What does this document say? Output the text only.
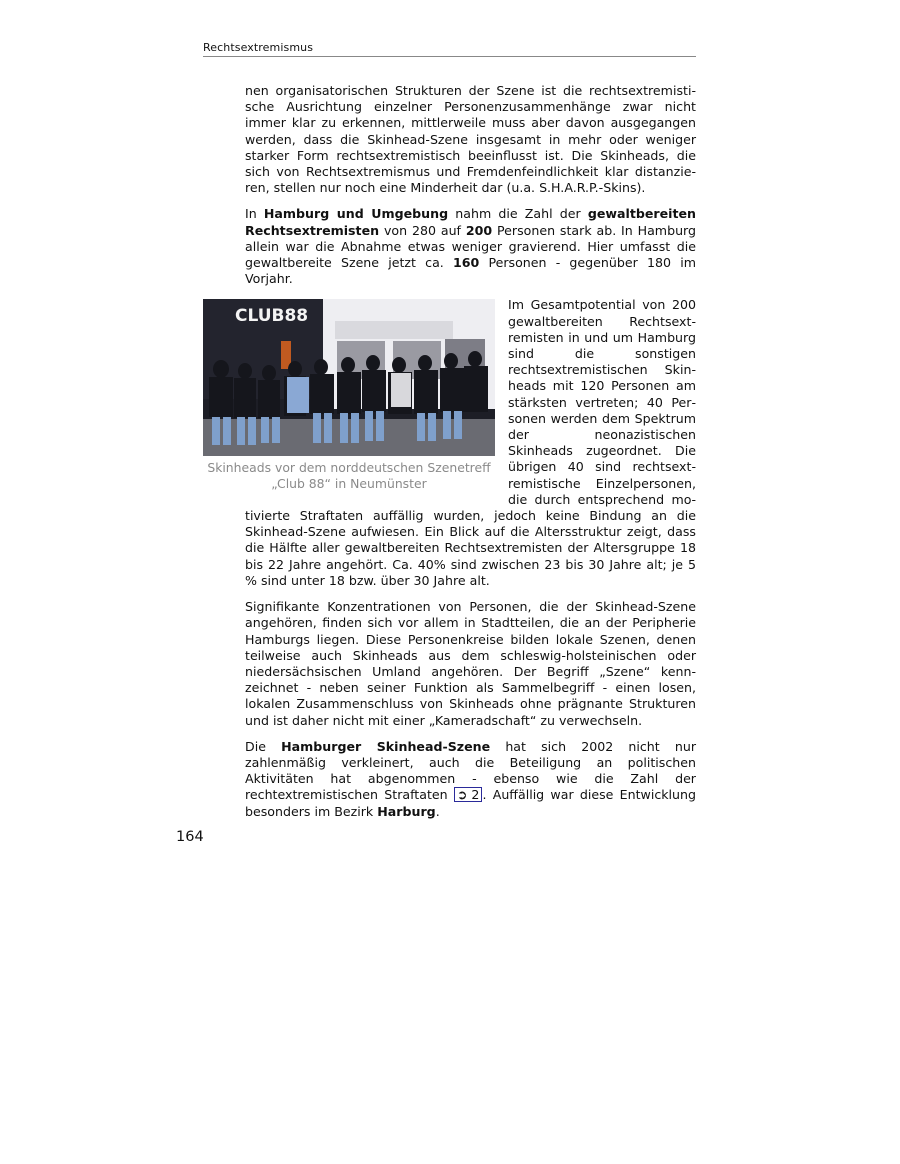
Rechtsextremismus

nen organisatorischen Strukturen der Szene ist die rechtsextremistische Ausrichtung einzelner Personenzusammenhänge zwar nicht immer klar zu erkennen, mittlerweile muss aber davon ausgegangen werden, dass die Skinhead-Szene insgesamt in mehr oder weniger starker Form rechtsextremistisch beeinflusst ist. Die Skinheads, die sich von Rechtsextremismus und Fremdenfeindlichkeit klar distanzieren, stellen nur noch eine Minderheit dar (u.a. S.H.A.R.P.-Skins).

In Hamburg und Umgebung nahm die Zahl der gewaltbereiten Rechtsextremisten von 280 auf 200 Personen stark ab. In Hamburg allein war die Abnahme etwas weniger gravierend. Hier umfasst die gewaltbereite Szene jetzt ca. 160 Personen - gegenüber 180 im Vorjahr.

CLUB88
Skinheads vor dem norddeutschen Szenetreff „Club 88“ in Neumünster

Im Gesamtpotential von 200 gewaltbereiten Rechtsextremisten in und um Hamburg sind die sonstigen rechtsextremistischen Skinheads mit 120 Personen am stärksten vertreten; 40 Personen werden dem Spektrum der neonazistischen Skinheads zugeordnet. Die übrigen 40 sind rechtsextremistische Einzelpersonen, die durch entsprechend motivierte Straftaten auffällig wurden, jedoch keine Bindung an die Skinhead-Szene aufwiesen. Ein Blick auf die Altersstruktur zeigt, dass die Hälfte aller gewaltbereiten Rechtsextremisten der Altersgruppe 18 bis 22 Jahre angehört. Ca. 40% sind zwischen 23 bis 30 Jahre alt; je 5 % sind unter 18 bzw. über 30 Jahre alt.

Signifikante Konzentrationen von Personen, die der Skinhead-Szene angehören, finden sich vor allem in Stadtteilen, die an der Peripherie Hamburgs liegen. Diese Personenkreise bilden lokale Szenen, denen teilweise auch Skinheads aus dem schleswig-holsteinischen oder niedersächsischen Umland angehören. Der Begriff „Szene“ kennzeichnet - neben seiner Funktion als Sammelbegriff - einen losen, lokalen Zusammenschluss von Skinheads ohne prägnante Strukturen und ist daher nicht mit einer „Kameradschaft“ zu verwechseln.

Die Hamburger Skinhead-Szene hat sich 2002 nicht nur zahlenmäßig verkleinert, auch die Beteiligung an politischen Aktivitäten hat abgenommen - ebenso wie die Zahl der rechtextremistischen Straftaten ➲ 2 . Auffällig war diese Entwicklung besonders im Bezirk Harburg.

164
